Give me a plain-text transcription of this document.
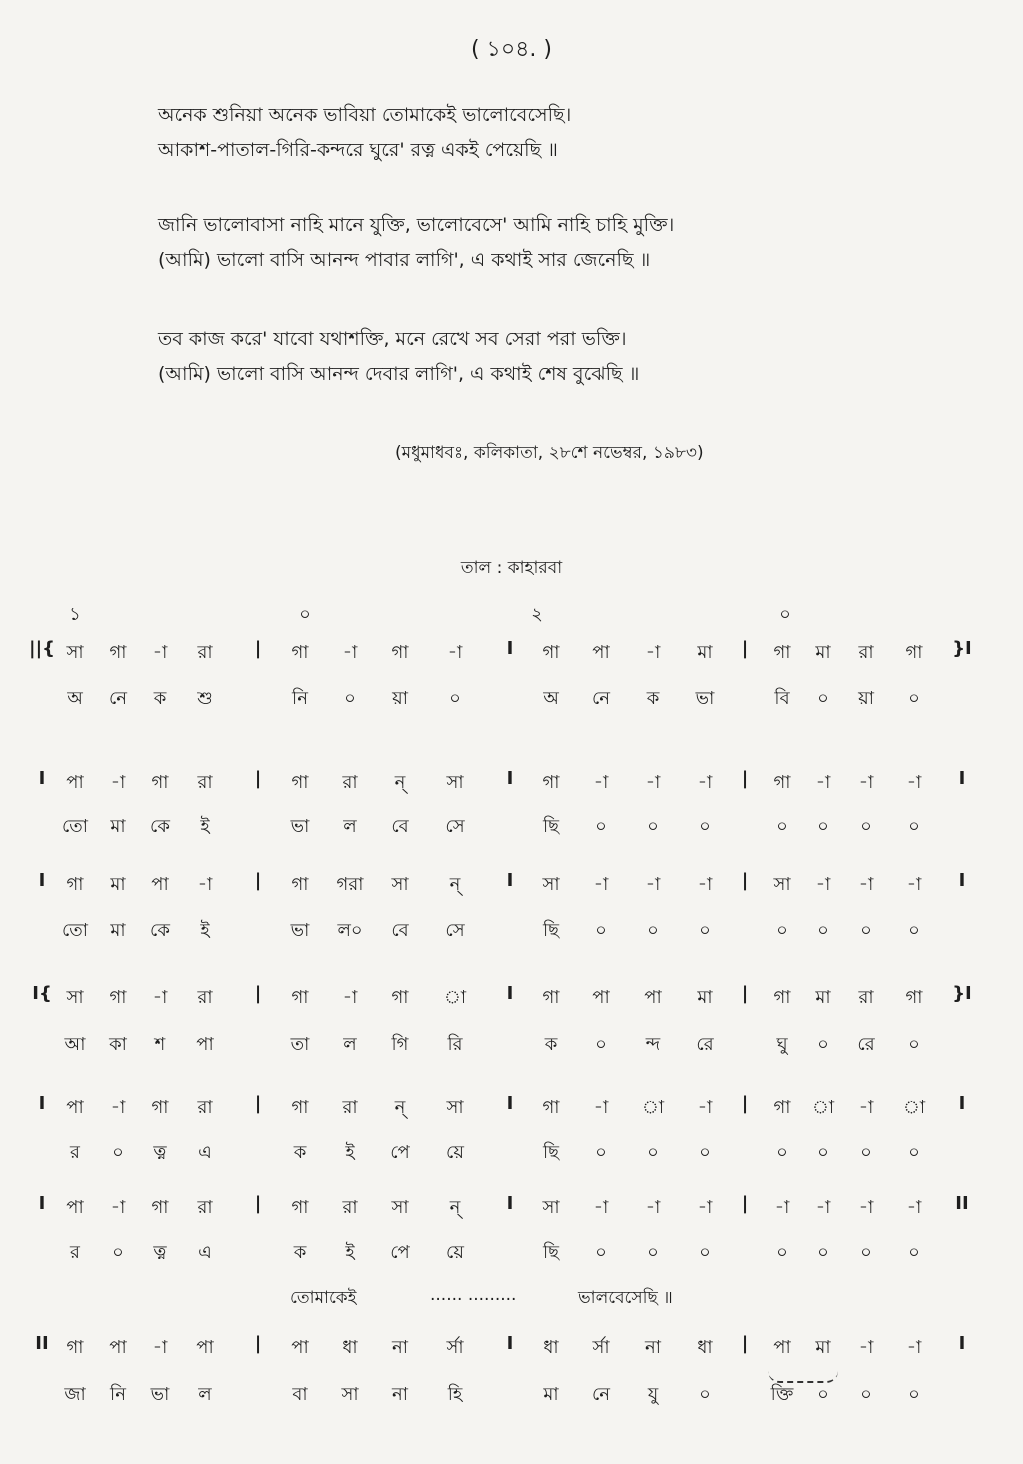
( ১০৪. )
অনেক শুনিয়া অনেক ভাবিয়া তোমাকেই ভালোবেসেছি।
আকাশ-পাতাল-গিরি-কন্দরে ঘুরে' রত্ন একই পেয়েছি ॥
জানি ভালোবাসা নাহি মানে যুক্তি, ভালোবেসে' আমি নাহি চাহি মুক্তি।
(আমি) ভালো বাসি আনন্দ পাবার লাগি', এ কথাই সার জেনেছি ॥
তব কাজ করে' যাবো যথাশক্তি, মনে রেখে সব সেরা পরা ভক্তি।
(আমি) ভালো বাসি আনন্দ দেবার লাগি', এ কথাই শেষ বুঝেছি ॥
(মধুমাধবঃ, কলিকাতা, ২৮শে নভেম্বর, ১৯৮৩)
তাল : কাহারবা
১	০	২	০
||{ সা গা -া রা | গা -া গা -া I গা পা -া মা | গা মা রা গা }I
অ নে ক শু	নি ০ য়া ০	অ নে ক ভা	বি ০ য়া ০
I পা -া গা রা | গা রা ন্ সা I গা -া -া -া | গা -া -া -া I
তো মা কে ই	ভা ল বে সে	ছি ০ ০ ০	০ ০ ০ ০
I গা মা পা -া | গা গরা সা ন্	I সা -া -া -া | সা -া -া -া I
তো মা কে ই	ভা ল০ বে সে	ছি ০ ০ ০	০ ০ ০ ০
I{ সা গা -া রা | গা -া গা া I গা পা পা মা | গা মা রা গা }I
আ কা শ পা	তা ল গি রি	ক ০ ন্দ রে	ঘু ০ রে ০
I পা -া গা রা | গা রা ন্ সা I গা -া া -া | গা া -া া I
র ০ ত্ন এ	ক ই পে য়ে	ছি ০ ০ ০	০ ০ ০ ০
I পা -া গা রা | গা রা সা ন্	I সা -া -া -া | -া -া -া -া II
র ০ ত্ন এ	ক ই পে য়ে	ছি ০ ০ ০	০ ০ ০ ০
II গা পা -া পা | পা ধা না র্সা I ধা র্সা না ধা | পা মা -া -া I
জা নি ভা ল	বা সা না হি	মা নে যু ০	ক্তি ০ ০ ০
তোমাকেই	...... .........	ভালবেসেছি ॥
